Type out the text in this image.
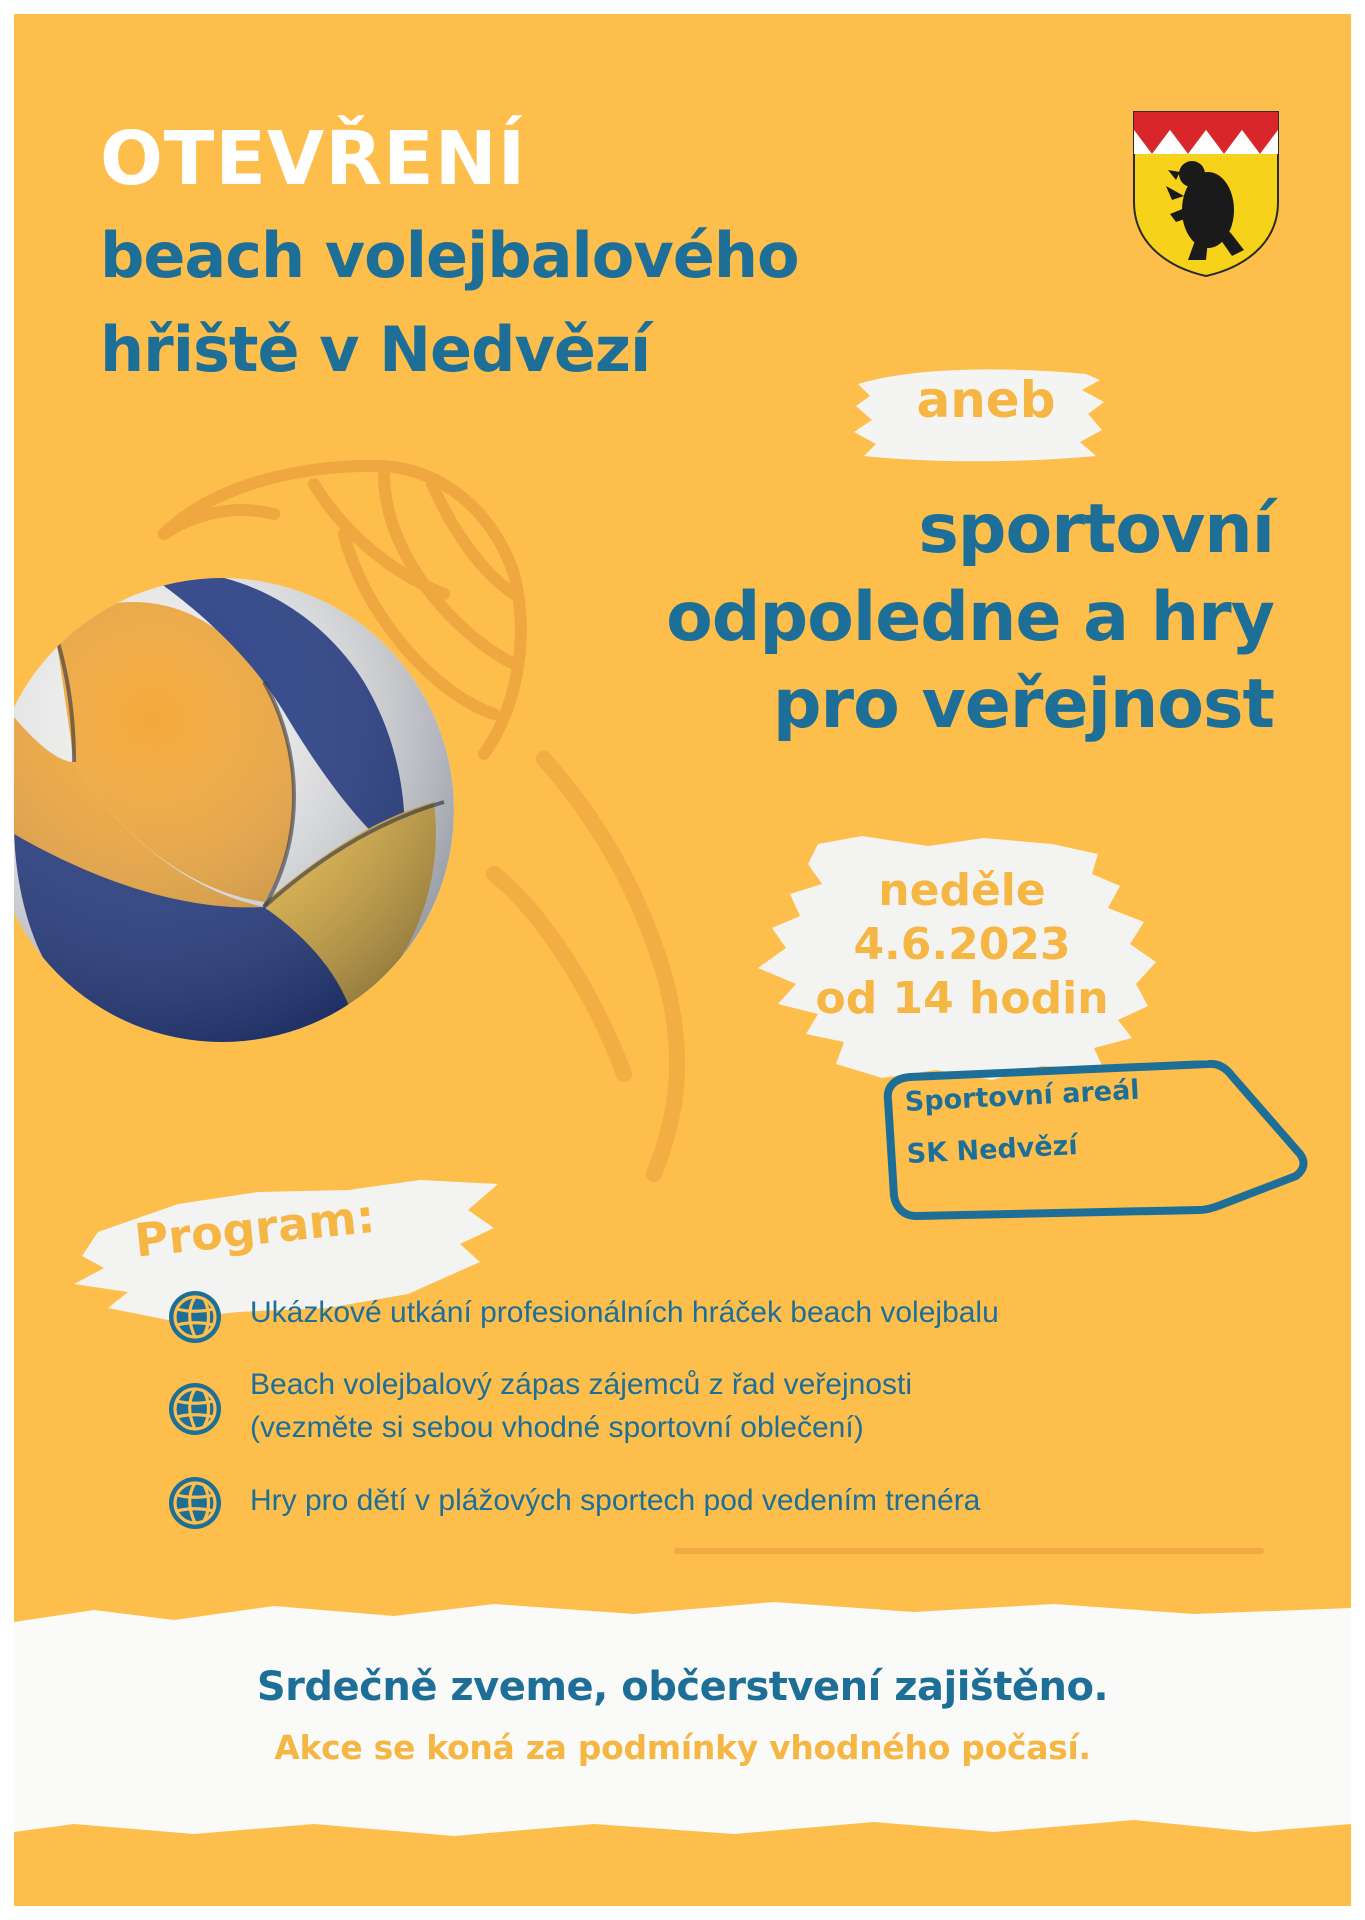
OTEVŘENÍ
beach volejbalového
hřiště v Nedvězí
aneb
sportovní
odpoledne a hry
pro veřejnost
neděle
4.6.2023
od 14 hodin
Sportovní areál
SK Nedvězí
Program:
Ukázkové utkání profesionálních hráček beach volejbalu
Beach volejbalový zápas zájemců z řad veřejnosti
(vezměte si sebou vhodné sportovní oblečení)
Hry pro dětí v plážových sportech pod vedením trenéra
Srdečně zveme, občerstvení zajištěno.
Akce se koná za podmínky vhodného počasí.
